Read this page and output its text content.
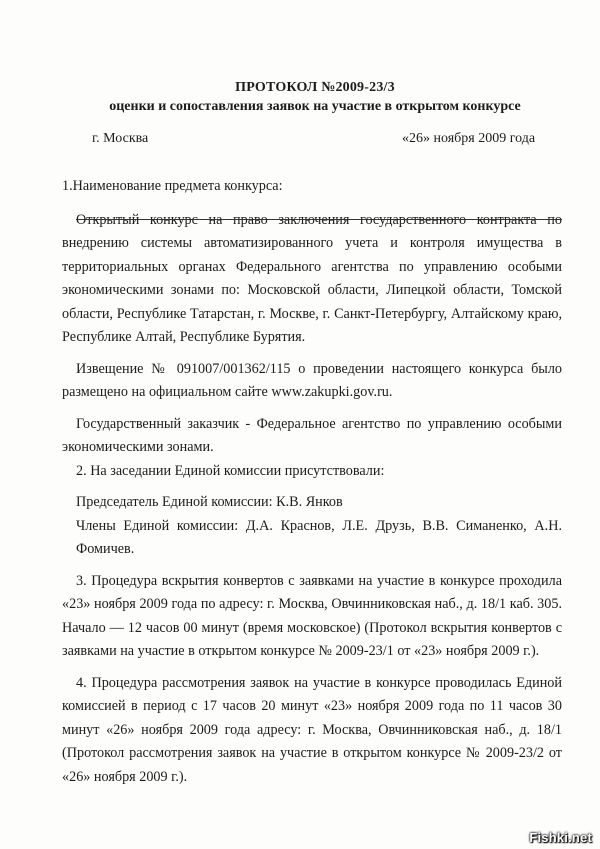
ПРОТОКОЛ №2009-23/3
оценки и сопоставления заявок на участие в открытом конкурсе
г. Москва	«26» ноября 2009 года

1.Наименование предмета конкурса:

Открытый конкурс на право заключения государственного контракта по внедрению системы автоматизированного учета и контроля имущества в территориальных органах Федерального агентства по управлению особыми экономическими зонами по: Московской области, Липецкой области, Томской области, Республике Татарстан, г. Москве, г. Санкт-Петербургу, Алтайскому краю, Республике Алтай, Республике Бурятия.

Извещение № 091007/001362/115 о проведении настоящего конкурса было размещено на официальном сайте www.zakupki.gov.ru.

Государственный заказчик - Федеральное агентство по управлению особыми экономическими зонами.

2. На заседании Единой комиссии присутствовали:

Председатель Единой комиссии: К.В. Янков

Члены Единой комиссии: Д.А. Краснов, Л.Е. Друзь, В.В. Симаненко, А.Н. Фомичев.

3. Процедура вскрытия конвертов с заявками на участие в конкурсе проходила «23» ноября 2009 года по адресу: г. Москва, Овчинниковская наб., д. 18/1 каб. 305. Начало — 12 часов 00 минут (время московское) (Протокол вскрытия конвертов с заявками на участие в открытом конкурсе № 2009-23/1 от «23» ноября 2009 г.).

4. Процедура рассмотрения заявок на участие в конкурсе проводилась Единой комиссией в период с 17 часов 20 минут «23» ноября 2009 года по 11 часов 30 минут «26» ноября 2009 года адресу: г. Москва, Овчинниковская наб., д. 18/1 (Протокол рассмотрения заявок на участие в открытом конкурсе № 2009-23/2 от «26» ноября 2009 г.).

Fishki.net
